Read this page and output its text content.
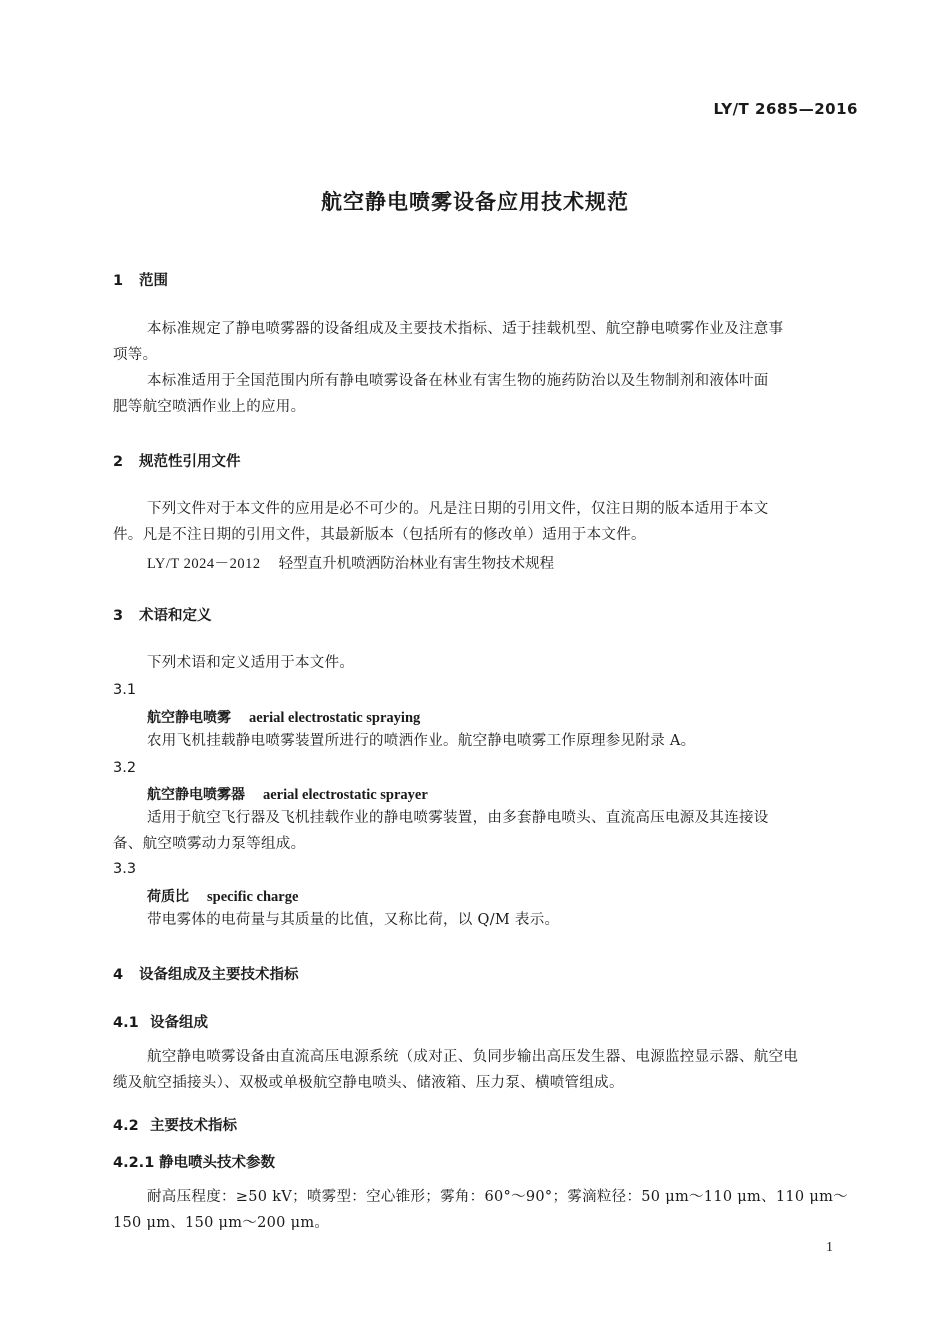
LY/T 2685—2016
航空静电喷雾设备应用技术规范
1 范围
本标准规定了静电喷雾器的设备组成及主要技术指标、适于挂载机型、航空静电喷雾作业及注意事
项等。
本标准适用于全国范围内所有静电喷雾设备在林业有害生物的施药防治以及生物制剂和液体叶面
肥等航空喷洒作业上的应用。
2 规范性引用文件
下列文件对于本文件的应用是必不可少的。凡是注日期的引用文件，仅注日期的版本适用于本文
件。凡是不注日期的引用文件，其最新版本（包括所有的修改单）适用于本文件。
LY/T 2024－2012 轻型直升机喷洒防治林业有害生物技术规程
3 术语和定义
下列术语和定义适用于本文件。
3.1
航空静电喷雾 aerial electrostatic spraying
农用飞机挂载静电喷雾装置所进行的喷洒作业。航空静电喷雾工作原理参见附录 A。
3.2
航空静电喷雾器 aerial electrostatic sprayer
适用于航空飞行器及飞机挂载作业的静电喷雾装置，由多套静电喷头、直流高压电源及其连接设
备、航空喷雾动力泵等组成。
3.3
荷质比 specific charge
带电雾体的电荷量与其质量的比值，又称比荷，以 Q/M 表示。
4 设备组成及主要技术指标
4.1 设备组成
航空静电喷雾设备由直流高压电源系统（成对正、负同步输出高压发生器、电源监控显示器、航空电
缆及航空插接头）、双极或单极航空静电喷头、储液箱、压力泵、横喷管组成。
4.2 主要技术指标
4.2.1 静电喷头技术参数
耐高压程度：≥50 kV；喷雾型：空心锥形；雾角：60°～90°；雾滴粒径：50 μm～110 μm、110 μm～
150 μm、150 μm～200 μm。
1
